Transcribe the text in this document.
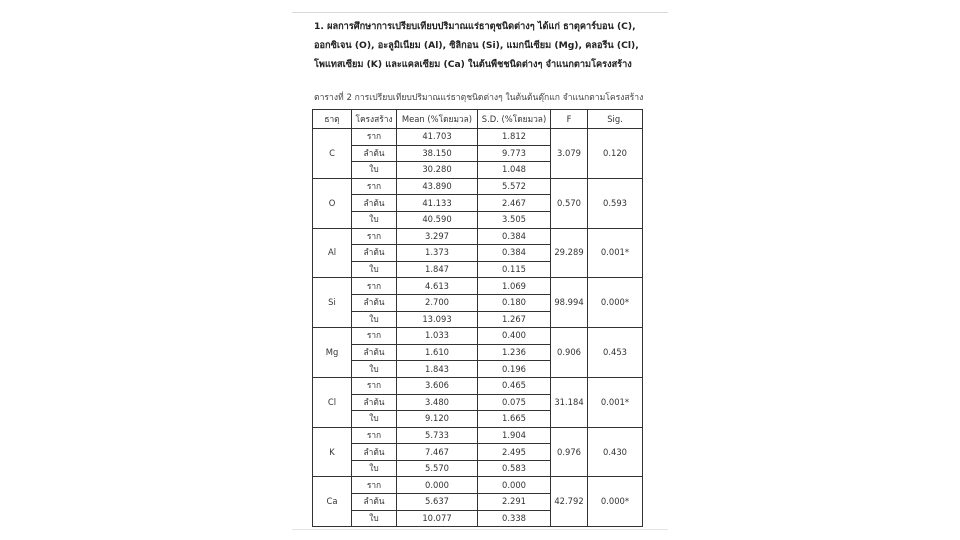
1. ผลการศึกษาการเปรียบเทียบปริมาณแร่ธาตุชนิดต่างๆ ได้แก่ ธาตุคาร์บอน (C), ออกซิเจน (O), อะลูมิเนียม (Al), ซิลิกอน (Si), แมกนีเซียม (Mg), คลอรีน (Cl), โพแทสเซียม (K) และแคลเซียม (Ca) ในต้นพืชชนิดต่างๆ จำแนกตามโครงสร้าง
ตารางที่ 2 การเปรียบเทียบปริมาณแร่ธาตุชนิดต่างๆ ในต้นต้นตุ๊กแก จำแนกตามโครงสร้าง
ธาตุ	โครงสร้าง	Mean (%โดยมวล)	S.D. (%โดยมวล)	F	Sig.
C	ราก	41.703	1.812	3.079	0.120
	ลำต้น	38.150	9.773		
	ใบ	30.280	1.048		
O	ราก	43.890	5.572	0.570	0.593
	ลำต้น	41.133	2.467		
	ใบ	40.590	3.505		
Al	ราก	3.297	0.384	29.289	0.001*
	ลำต้น	1.373	0.384		
	ใบ	1.847	0.115		
Si	ราก	4.613	1.069	98.994	0.000*
	ลำต้น	2.700	0.180		
	ใบ	13.093	1.267		
Mg	ราก	1.033	0.400	0.906	0.453
	ลำต้น	1.610	1.236		
	ใบ	1.843	0.196		
Cl	ราก	3.606	0.465	31.184	0.001*
	ลำต้น	3.480	0.075		
	ใบ	9.120	1.665		
K	ราก	5.733	1.904	0.976	0.430
	ลำต้น	7.467	2.495		
	ใบ	5.570	0.583		
Ca	ราก	0.000	0.000	42.792	0.000*
	ลำต้น	5.637	2.291		
	ใบ	10.077	0.338		
